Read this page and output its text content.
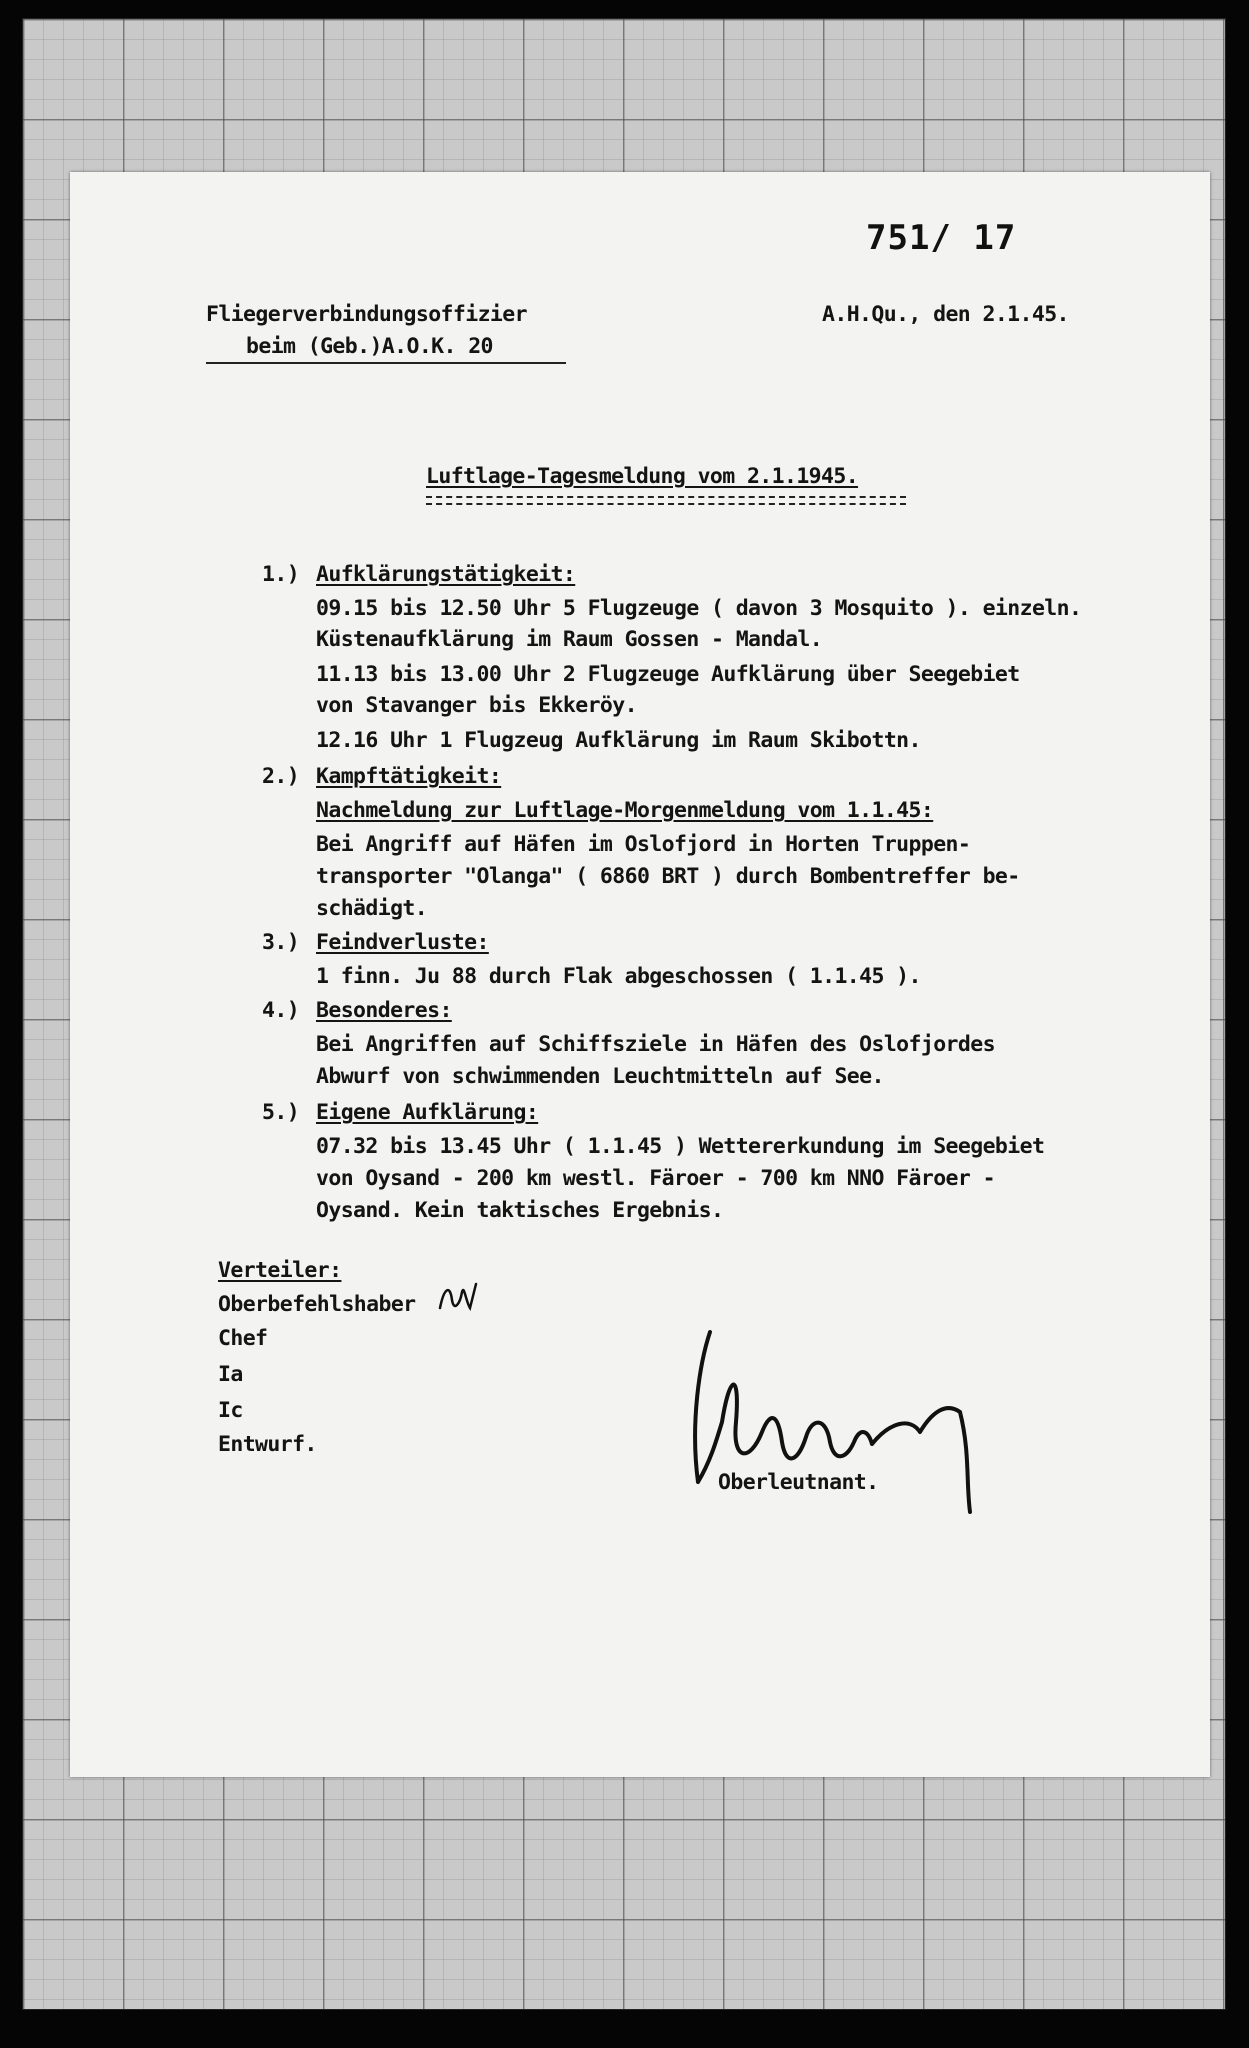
751/ 17
Fliegerverbindungsoffizier
beim (Geb.)A.O.K. 20
A.H.Qu., den 2.1.45.
Luftlage-Tagesmeldung vom 2.1.1945.
1.) Aufklärungstätigkeit:
09.15 bis 12.50 Uhr 5 Flugzeuge ( davon 3 Mosquito ). einzeln.
Küstenaufklärung im Raum Gossen - Mandal.
11.13 bis 13.00 Uhr 2 Flugzeuge Aufklärung über Seegebiet
von Stavanger bis Ekkeröy.
12.16 Uhr 1 Flugzeug Aufklärung im Raum Skibottn.
2.) Kampftätigkeit:
Nachmeldung zur Luftlage-Morgenmeldung vom 1.1.45:
Bei Angriff auf Häfen im Oslofjord in Horten Truppen-
transporter "Olanga" ( 6860 BRT ) durch Bombentreffer be-
schädigt.
3.) Feindverluste:
1 finn. Ju 88 durch Flak abgeschossen ( 1.1.45 ).
4.) Besonderes:
Bei Angriffen auf Schiffsziele in Häfen des Oslofjordes
Abwurf von schwimmenden Leuchtmitteln auf See.
5.) Eigene Aufklärung:
07.32 bis 13.45 Uhr ( 1.1.45 ) Wettererkundung im Seegebiet
von Oysand - 200 km westl. Färoer - 700 km NNO Färoer -
Oysand. Kein taktisches Ergebnis.
Verteiler:
Oberbefehlshaber
Chef
Ia
Ic
Entwurf.
Oberleutnant.
